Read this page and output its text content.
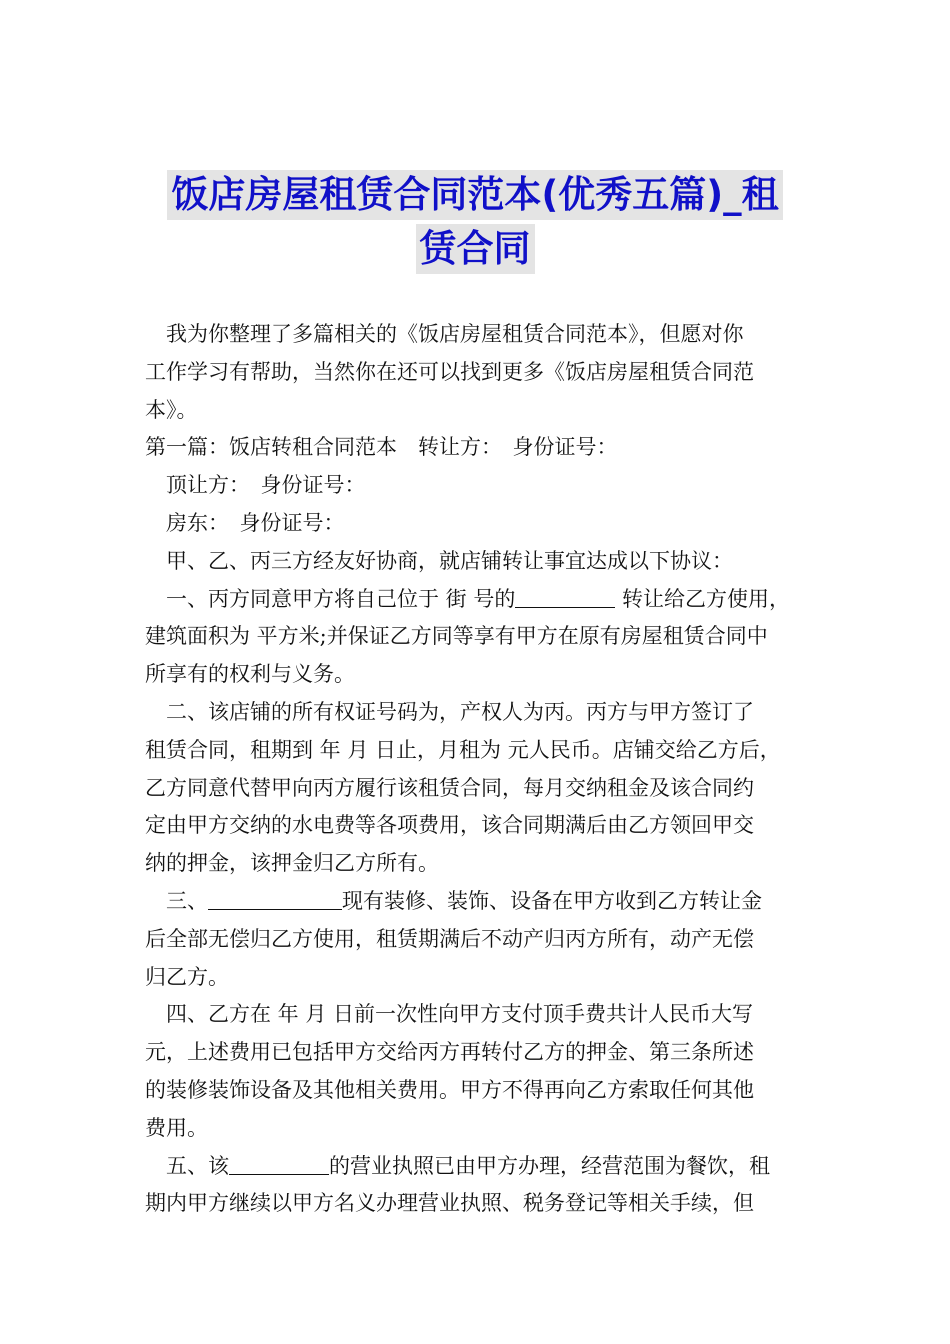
饭店房屋租赁合同范本(优秀五篇)_租
赁合同

我为你整理了多篇相关的《饭店房屋租赁合同范本》，但愿对你

工作学习有帮助，当然你在还可以找到更多《饭店房屋租赁合同范

本》。

第一篇：饭店转租合同范本　转让方：　身份证号：

顶让方：　身份证号：

房东：　身份证号：

甲、乙、丙三方经友好协商，就店铺转让事宜达成以下协议：

一、丙方同意甲方将自己位于 街 号的	转让给乙方使用，

建筑面积为 平方米;并保证乙方同等享有甲方在原有房屋租赁合同中

所享有的权利与义务。

二、该店铺的所有权证号码为，产权人为丙。丙方与甲方签订了

租赁合同，租期到 年 月 日止，月租为 元人民币。店铺交给乙方后，

乙方同意代替甲向丙方履行该租赁合同，每月交纳租金及该合同约

定由甲方交纳的水电费等各项费用，该合同期满后由乙方领回甲交

纳的押金，该押金归乙方所有。

三、	现有装修、装饰、设备在甲方收到乙方转让金

后全部无偿归乙方使用，租赁期满后不动产归丙方所有，动产无偿

归乙方。

四、乙方在 年 月 日前一次性向甲方支付顶手费共计人民币大写

元，上述费用已包括甲方交给丙方再转付乙方的押金、第三条所述

的装修装饰设备及其他相关费用。甲方不得再向乙方索取任何其他

费用。

五、该	的营业执照已由甲方办理，经营范围为餐饮，租

期内甲方继续以甲方名义办理营业执照、税务登记等相关手续，但
